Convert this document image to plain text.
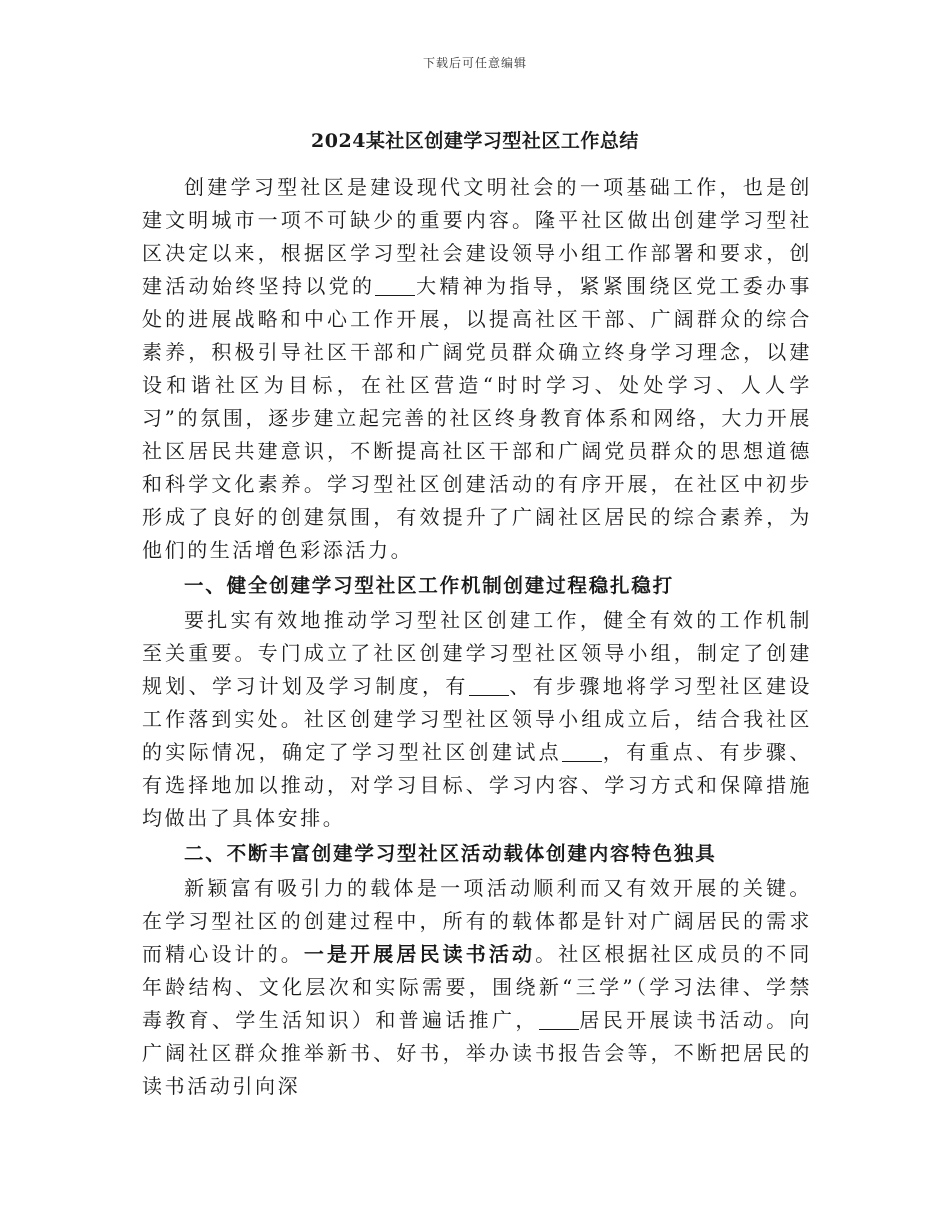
下载后可任意编辑
2024某社区创建学习型社区工作总结

创建学习型社区是建设现代文明社会的一项基础工作，也是创建文明城市一项不可缺少的重要内容。隆平社区做出创建学习型社区决定以来，根据区学习型社会建设领导小组工作部署和要求，创建活动始终坚持以党的 大精神为指导，紧紧围绕区党工委办事处的进展战略和中心工作开展，以提高社区干部、广阔群众的综合素养，积极引导社区干部和广阔党员群众确立终身学习理念，以建设和谐社区为目标，在社区营造“时时学习、处处学习、人人学习”的氛围，逐步建立起完善的社区终身教育体系和网络，大力开展社区居民共建意识，不断提高社区干部和广阔党员群众的思想道德和科学文化素养。学习型社区创建活动的有序开展，在社区中初步形成了良好的创建氛围，有效提升了广阔社区居民的综合素养，为他们的生活增色彩添活力。

一、健全创建学习型社区工作机制创建过程稳扎稳打

要扎实有效地推动学习型社区创建工作，健全有效的工作机制至关重要。专门成立了社区创建学习型社区领导小组，制定了创建规划、学习计划及学习制度，有 、有步骤地将学习型社区建设工作落到实处。社区创建学习型社区领导小组成立后，结合我社区的实际情况，确定了学习型社区创建试点 ，有重点、有步骤、有选择地加以推动，对学习目标、学习内容、学习方式和保障措施均做出了具体安排。

二、不断丰富创建学习型社区活动载体创建内容特色独具

新颖富有吸引力的载体是一项活动顺利而又有效开展的关键。在学习型社区的创建过程中，所有的载体都是针对广阔居民的需求而精心设计的。一是开展居民读书活动。社区根据社区成员的不同年龄结构、文化层次和实际需要，围绕新“三学”（学习法律、学禁毒教育、学生活知识）和普遍话推广， 居民开展读书活动。向广阔社区群众推举新书、好书，举办读书报告会等，不断把居民的读书活动引向深
